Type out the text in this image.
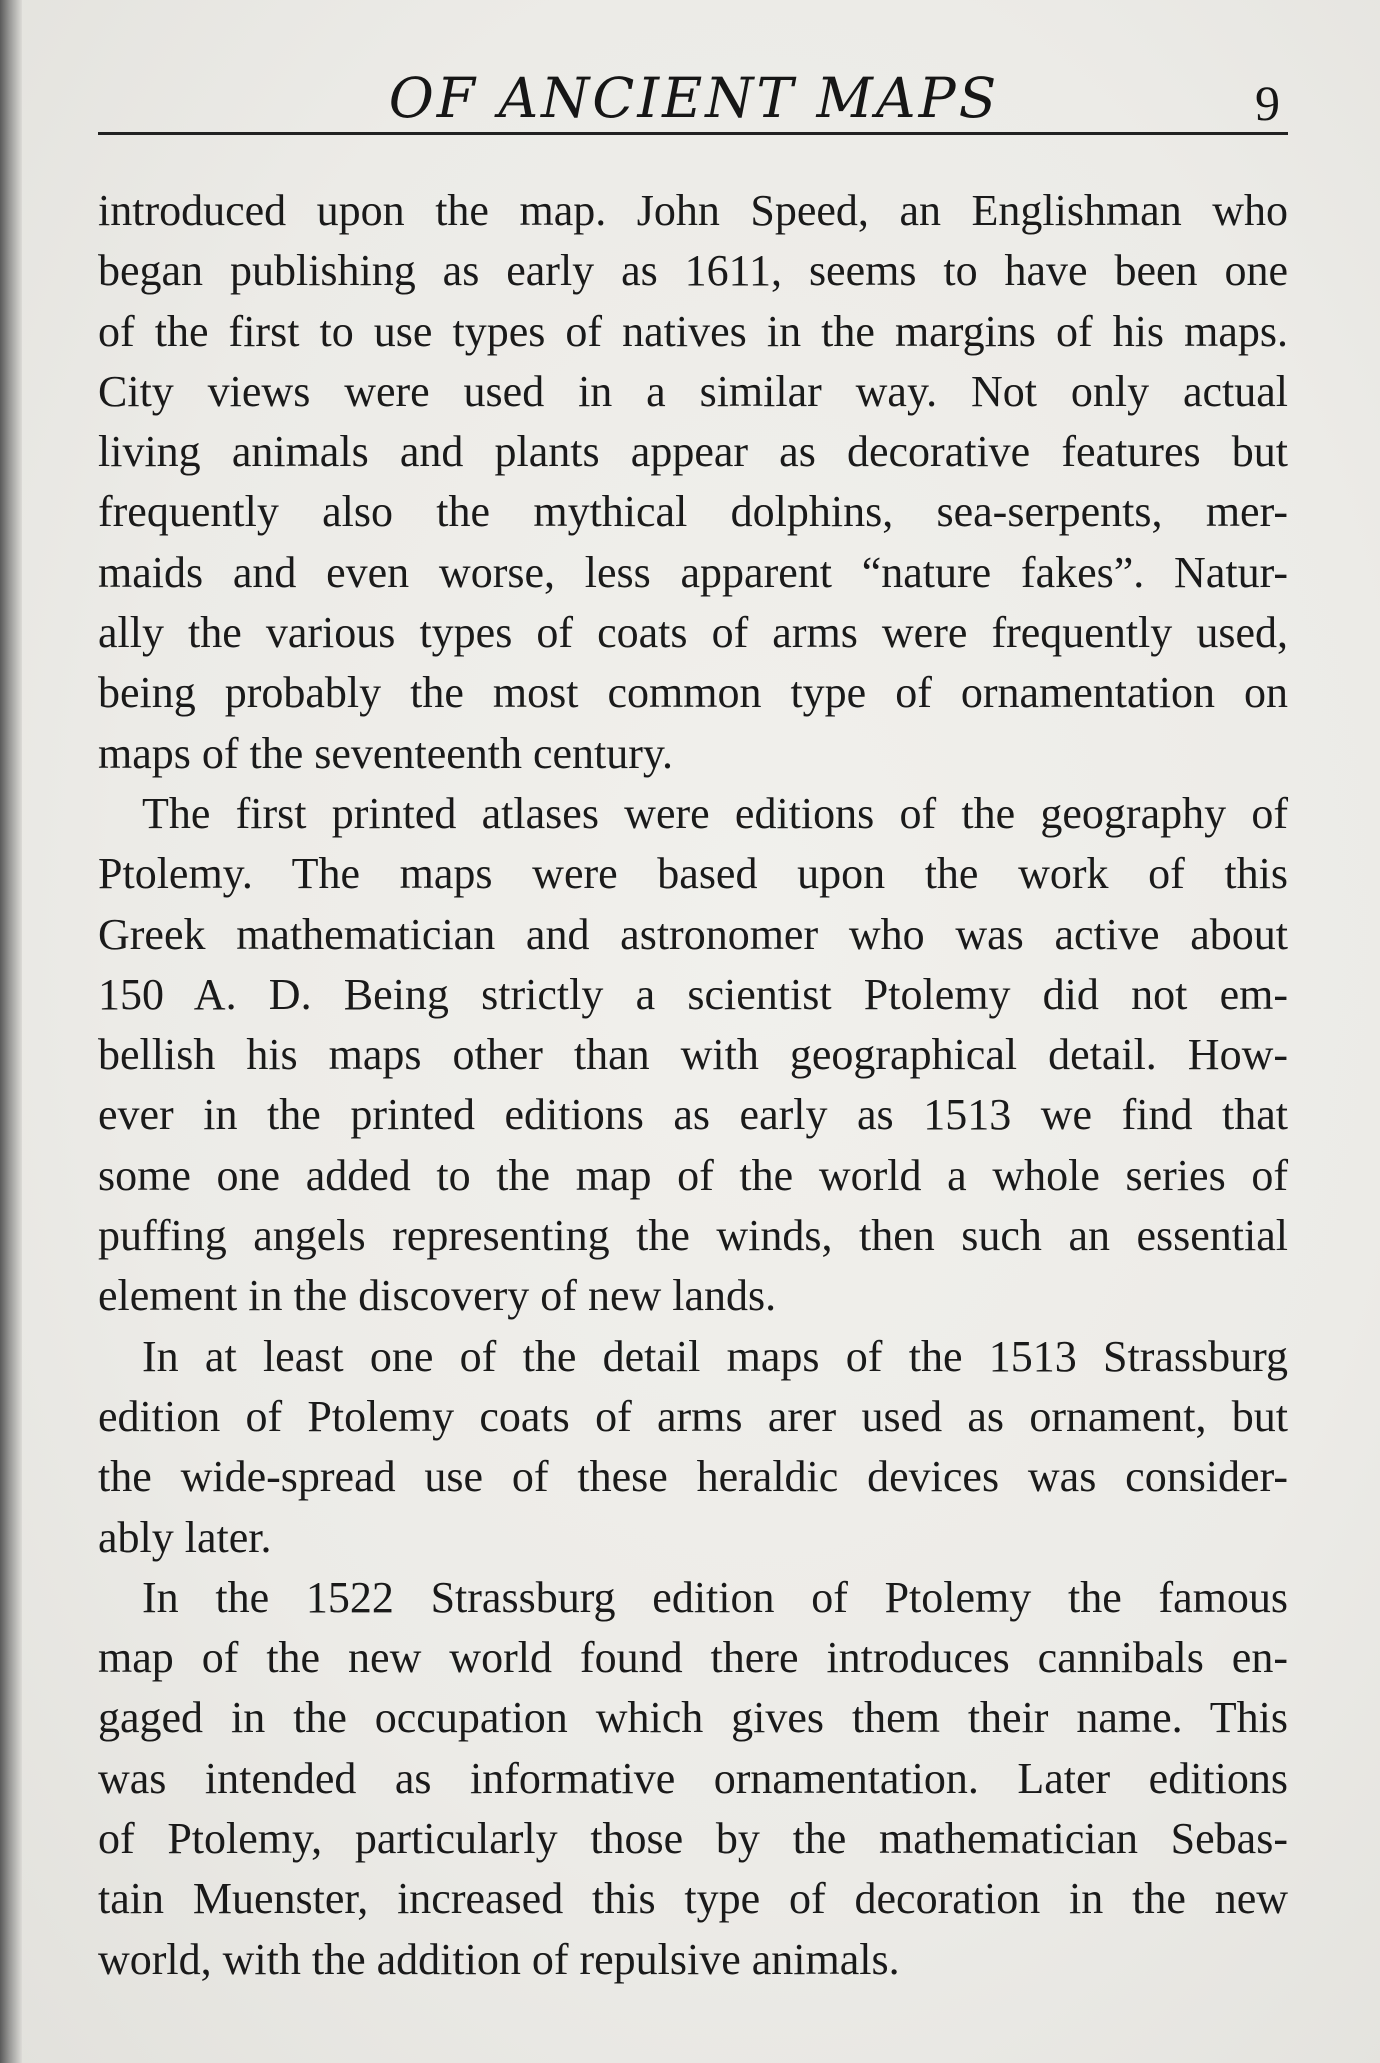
OF ANCIENT MAPS	9
introduced upon the map. John Speed, an Englishman who
began publishing as early as 1611, seems to have been one
of the first to use types of natives in the margins of his maps.
City views were used in a similar way. Not only actual
living animals and plants appear as decorative features but
frequently also the mythical dolphins, sea-serpents, mer-
maids and even worse, less apparent “nature fakes”. Natur-
ally the various types of coats of arms were frequently used,
being probably the most common type of ornamentation on
maps of the seventeenth century.
The first printed atlases were editions of the geography of
Ptolemy. The maps were based upon the work of this
Greek mathematician and astronomer who was active about
150 A. D. Being strictly a scientist Ptolemy did not em-
bellish his maps other than with geographical detail. How-
ever in the printed editions as early as 1513 we find that
some one added to the map of the world a whole series of
puffing angels representing the winds, then such an essential
element in the discovery of new lands.
In at least one of the detail maps of the 1513 Strassburg
edition of Ptolemy coats of arms arer used as ornament, but
the wide-spread use of these heraldic devices was consider-
ably later.
In the 1522 Strassburg edition of Ptolemy the famous
map of the new world found there introduces cannibals en-
gaged in the occupation which gives them their name. This
was intended as informative ornamentation. Later editions
of Ptolemy, particularly those by the mathematician Sebas-
tain Muenster, increased this type of decoration in the new
world, with the addition of repulsive animals.
